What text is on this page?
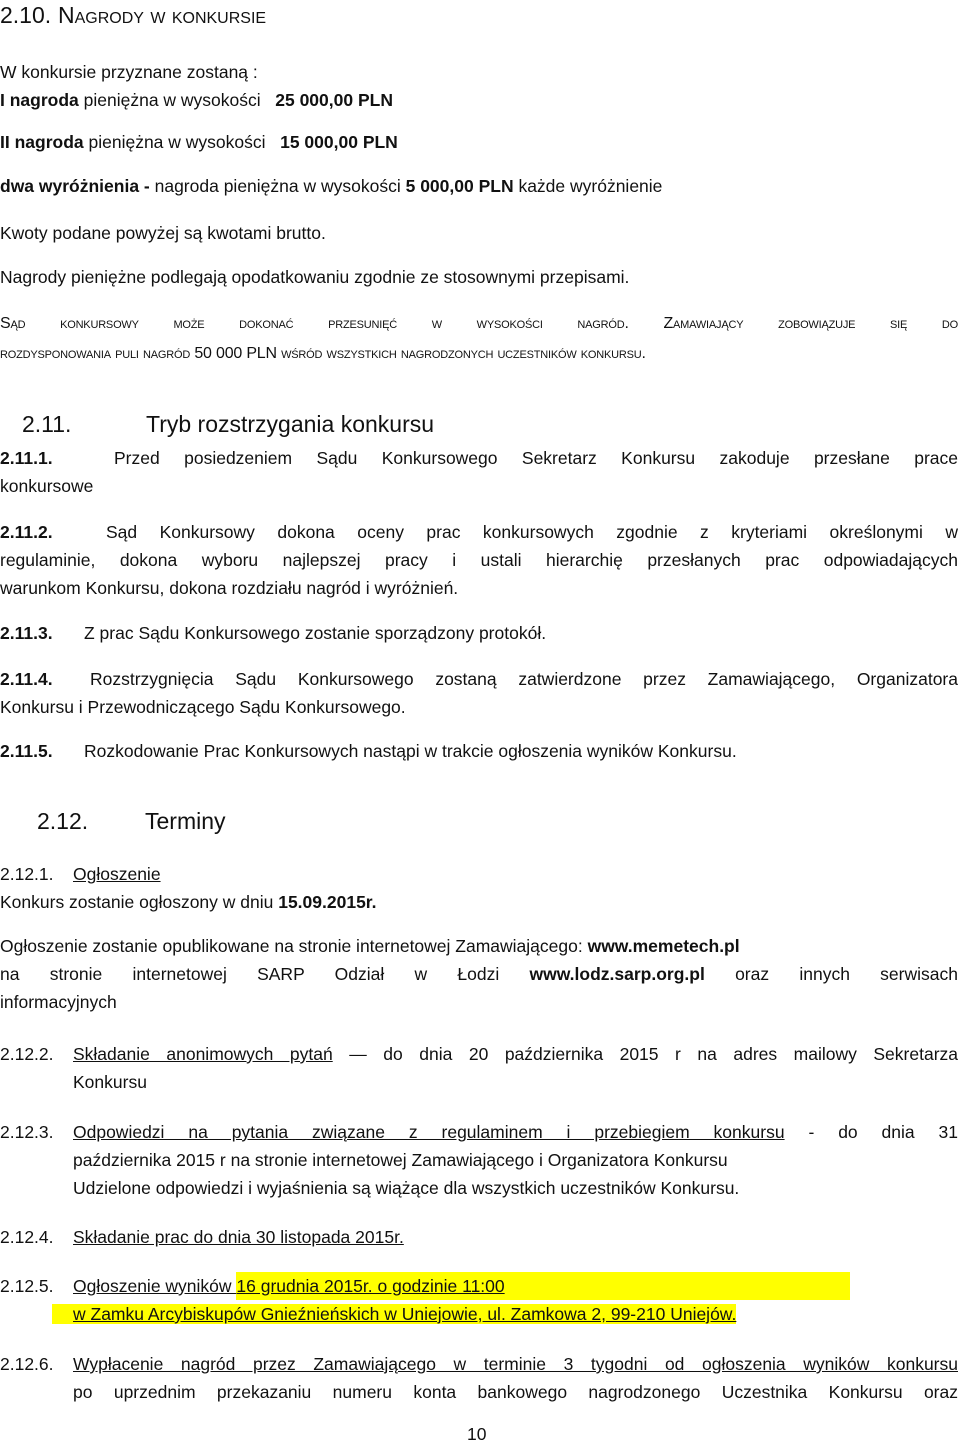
2.10. Nagrody w konkursie
W konkursie przyznane zostaną :
I nagroda pieniężna w wysokości 25 000,00 PLN
II nagroda pieniężna w wysokości 15 000,00 PLN
dwa wyróżnienia - nagroda pieniężna w wysokości 5 000,00 PLN każde wyróżnienie
Kwoty podane powyżej są kwotami brutto.
Nagrody pieniężne podlegają opodatkowaniu zgodnie ze stosownymi przepisami.
Sąd konkursowy może dokonać przesunięć w wysokości nagród. Zamawiający zobowiązuje się do
rozdysponowania puli nagród 50 000 PLN wśród wszystkich nagrodzonych uczestników konkursu.
2.11.	Tryb rozstrzygania konkursu
2.11.1.	Przed posiedzeniem Sądu Konkursowego Sekretarz Konkursu zakoduje przesłane prace
konkursowe
2.11.2.	Sąd Konkursowy dokona oceny prac konkursowych zgodnie z kryteriami określonymi w
regulaminie, dokona wyboru najlepszej pracy i ustali hierarchię przesłanych prac odpowiadających
warunkom Konkursu, dokona rozdziału nagród i wyróżnień.
2.11.3. Z prac Sądu Konkursowego zostanie sporządzony protokół.
2.11.4. Rozstrzygnięcia Sądu Konkursowego zostaną zatwierdzone przez Zamawiającego, Organizatora
Konkursu i Przewodniczącego Sądu Konkursowego.
2.11.5. Rozkodowanie Prac Konkursowych nastąpi w trakcie ogłoszenia wyników Konkursu.
2.12. Terminy
2.12.1. Ogłoszenie
Konkurs zostanie ogłoszony w dniu 15.09.2015r.
Ogłoszenie zostanie opublikowane na stronie internetowej Zamawiającego: www.memetech.pl
na stronie internetowej SARP Odział w Łodzi www.lodz.sarp.org.pl oraz innych serwisach
informacyjnych
2.12.2. Składanie anonimowych pytań — do dnia 20 października 2015 r na adres mailowy Sekretarza
Konkursu
2.12.3. Odpowiedzi na pytania związane z regulaminem i przebiegiem konkursu - do dnia 31
października 2015 r na stronie internetowej Zamawiającego i Organizatora Konkursu
Udzielone odpowiedzi i wyjaśnienia są wiążące dla wszystkich uczestników Konkursu.
2.12.4. Składanie prac do dnia 30 listopada 2015r.
2.12.5. Ogłoszenie wyników 16 grudnia 2015r. o godzinie 11:00
w Zamku Arcybiskupów Gnieźnieńskich w Uniejowie, ul. Zamkowa 2, 99-210 Uniejów.
2.12.6. Wypłacenie nagród przez Zamawiającego w terminie 3 tygodni od ogłoszenia wyników konkursu
po uprzednim przekazaniu numeru konta bankowego nagrodzonego Uczestnika Konkursu oraz
10
